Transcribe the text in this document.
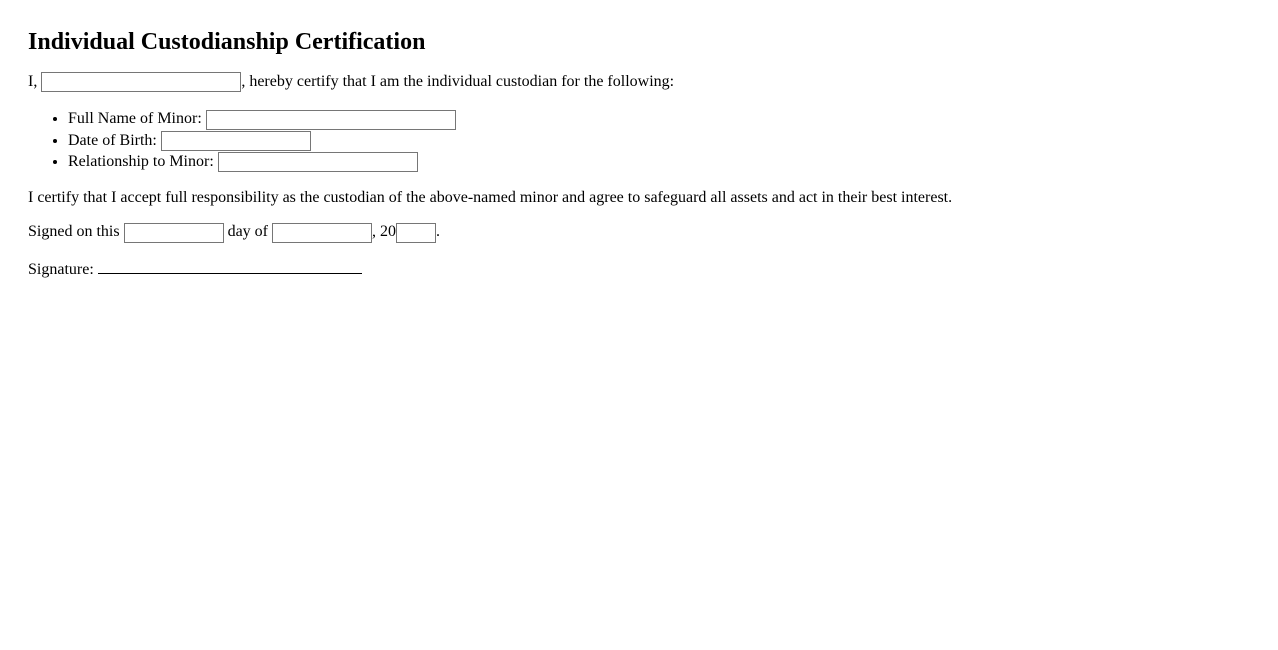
Individual Custodianship Certification

I,	, hereby certify that I am the individual custodian for the following:

• Full Name of Minor:
• Date of Birth:
• Relationship to Minor:

I certify that I accept full responsibility as the custodian of the above-named minor and agree to safeguard all assets and act in their best interest.

Signed on this	day of	, 20	.

Signature:
